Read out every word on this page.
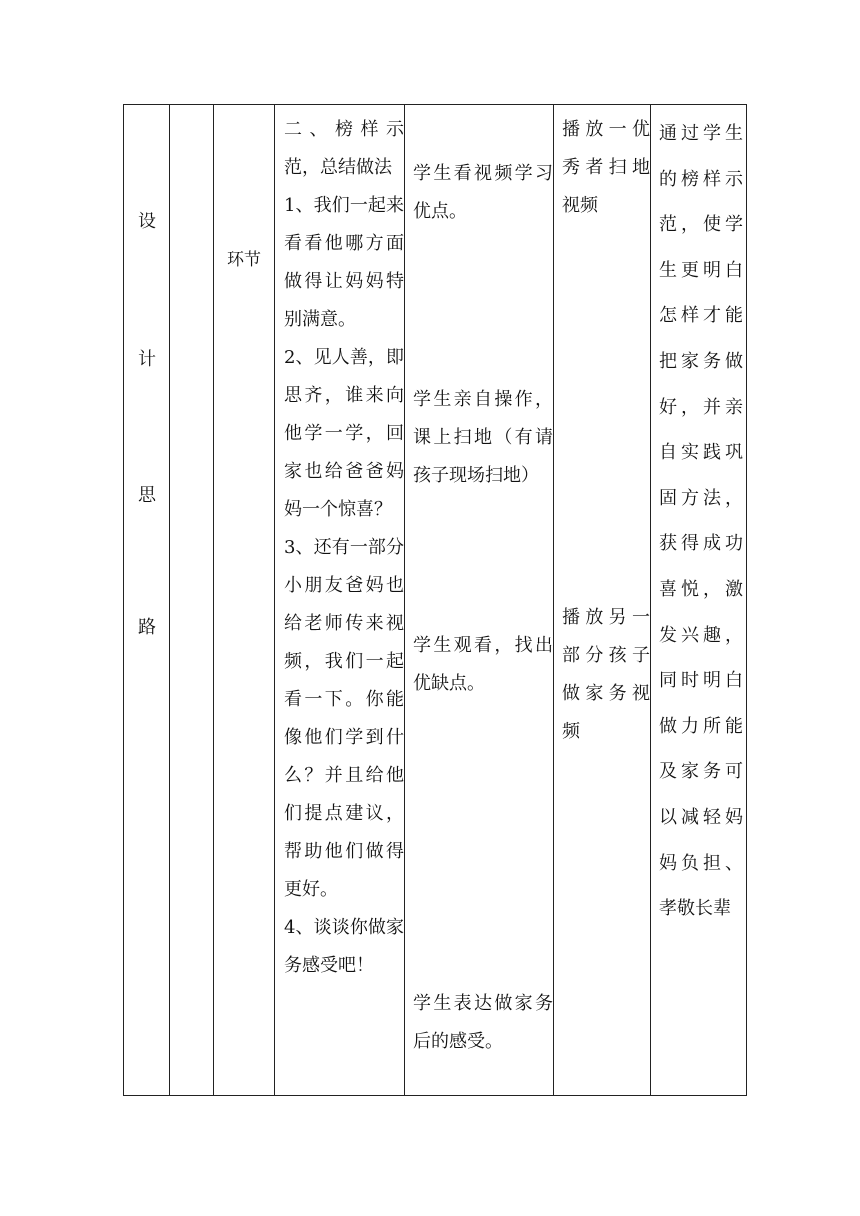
设
计
思
路
环节

二、榜样示范，总结做法

1、我们一起来看看他哪方面做得让妈妈特别满意。

2、见人善，即思齐，谁来向他学一学，回家也给爸爸妈妈一个惊喜？

3、还有一部分小朋友爸妈也给老师传来视频，我们一起看一下。你能像他们学到什么？并且给他们提点建议，帮助他们做得更好。

4、谈谈你做家务感受吧！

学生看视频学习优点。
学生亲自操作，课上扫地（有请孩子现场扫地）
学生观看，找出优缺点。
学生表达做家务后的感受。
播放一优秀者扫地视频
播放另一部分孩子做家务视频
通过学生的榜样示范，使学生更明白怎样才能把家务做好，并亲自实践巩固方法，获得成功喜悦，激发兴趣，同时明白做力所能及家务可以减轻妈妈负担、孝敬长辈
